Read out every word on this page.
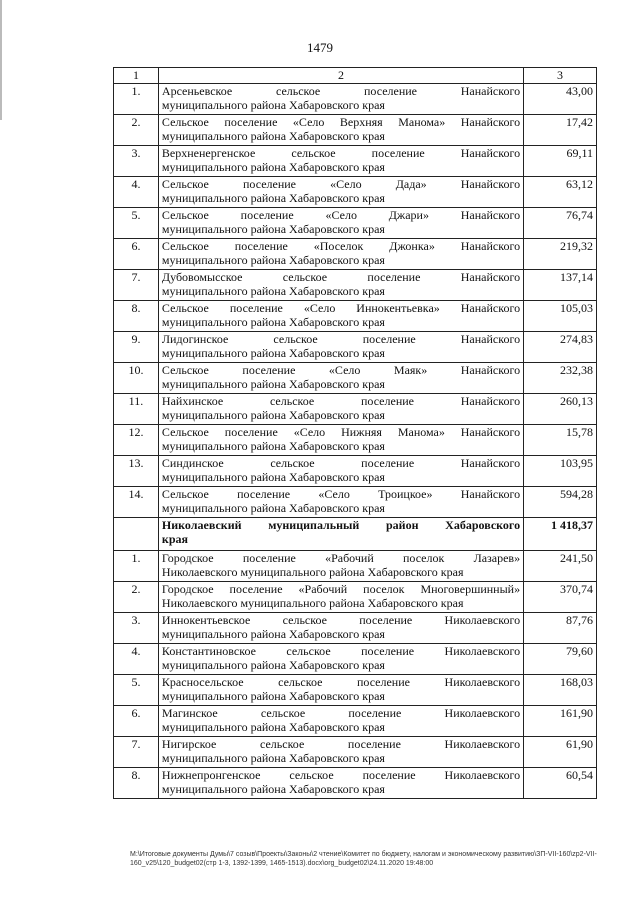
1479
1	2	3
1.	Арсеньевское сельское поселение Нанайского
муниципального района Хабаровского края	43,00
2.	Сельское поселение «Село Верхняя Манома» Нанайского
муниципального района Хабаровского края	17,42
3.	Верхненергенское сельское поселение Нанайского
муниципального района Хабаровского края	69,11
4.	Сельское поселение «Село Дада» Нанайского
муниципального района Хабаровского края	63,12
5.	Сельское поселение «Село Джари» Нанайского
муниципального района Хабаровского края	76,74
6.	Сельское поселение «Поселок Джонка» Нанайского
муниципального района Хабаровского края	219,32
7.	Дубовомысское сельское поселение Нанайского
муниципального района Хабаровского края	137,14
8.	Сельское поселение «Село Иннокентьевка» Нанайского
муниципального района Хабаровского края	105,03
9.	Лидогинское сельское поселение Нанайского
муниципального района Хабаровского края	274,83
10.	Сельское поселение «Село Маяк» Нанайского
муниципального района Хабаровского края	232,38
11.	Найхинское сельское поселение Нанайского
муниципального района Хабаровского края	260,13
12.	Сельское поселение «Село Нижняя Манома» Нанайского
муниципального района Хабаровского края	15,78
13.	Синдинское сельское поселение Нанайского
муниципального района Хабаровского края	103,95
14.	Сельское поселение «Село Троицкое» Нанайского
муниципального района Хабаровского края	594,28

	Николаевский муниципальный район Хабаровского
края	1 418,37
1.	Городское поселение «Рабочий поселок Лазарев»
Николаевского муниципального района Хабаровского края	241,50
2.	Городское поселение «Рабочий поселок Многовершинный»
Николаевского муниципального района Хабаровского края	370,74
3.	Иннокентьевское сельское поселение Николаевского
муниципального района Хабаровского края	87,76
4.	Константиновское сельское поселение Николаевского
муниципального района Хабаровского края	79,60
5.	Красносельское сельское поселение Николаевского
муниципального района Хабаровского края	168,03
6.	Магинское сельское поселение Николаевского
муниципального района Хабаровского края	161,90
7.	Нигирское сельское поселение Николаевского
муниципального района Хабаровского края	61,90
8.	Нижнепронгенское сельское поселение Николаевского
муниципального района Хабаровского края	60,54
M:\Итоговые документы Думы\7 созыв\Проекты\Законы\2 чтение\Комитет по бюджету, налогам и экономическому развитию\ЗП-VII-160\zp2-VII-
160_v25\120_budget02(стр 1-3, 1392-1399, 1465-1513).docx\org_budget02\24.11.2020 19:48:00
